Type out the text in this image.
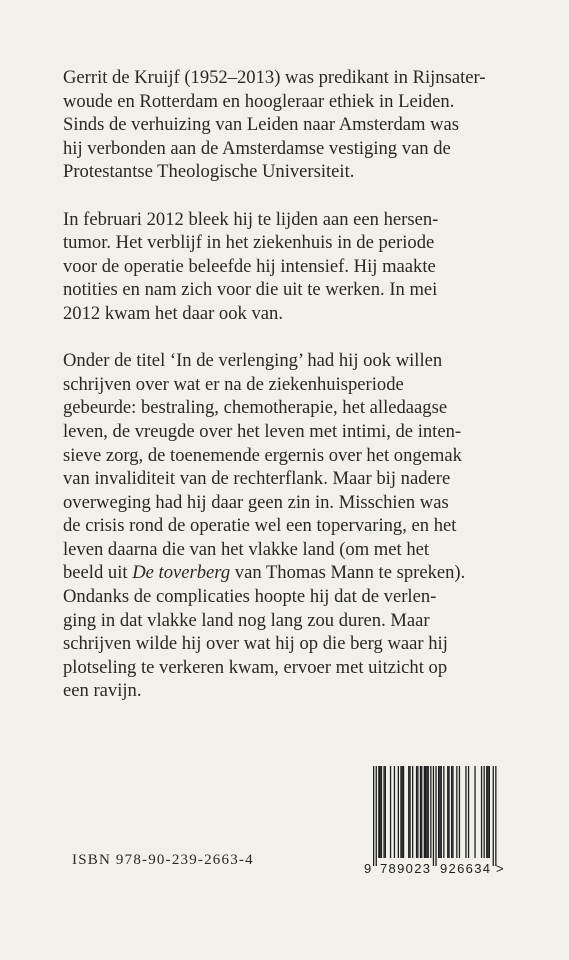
Gerrit de Kruijf (1952–2013) was predikant in Rijnsater-
woude en Rotterdam en hoogleraar ethiek in Leiden.
Sinds de verhuizing van Leiden naar Amsterdam was
hij verbonden aan de Amsterdamse vestiging van de
Protestantse Theologische Universiteit.

In februari 2012 bleek hij te lijden aan een hersen-
tumor. Het verblijf in het ziekenhuis in de periode
voor de operatie beleefde hij intensief. Hij maakte
notities en nam zich voor die uit te werken. In mei
2012 kwam het daar ook van.

Onder de titel ‘In de verlenging’ had hij ook willen
schrijven over wat er na de ziekenhuisperiode
gebeurde: bestraling, chemotherapie, het alledaagse
leven, de vreugde over het leven met intimi, de inten-
sieve zorg, de toenemende ergernis over het ongemak
van invaliditeit van de rechterflank. Maar bij nadere
overweging had hij daar geen zin in. Misschien was
de crisis rond de operatie wel een topervaring, en het
leven daarna die van het vlakke land (om met het
beeld uit De toverberg van Thomas Mann te spreken).
Ondanks de complicaties hoopte hij dat de verlen-
ging in dat vlakke land nog lang zou duren. Maar
schrijven wilde hij over wat hij op die berg waar hij
plotseling te verkeren kwam, ervoer met uitzicht op
een ravijn.

ISBN 978-90-239-2663-4
9 789023 926634 >
